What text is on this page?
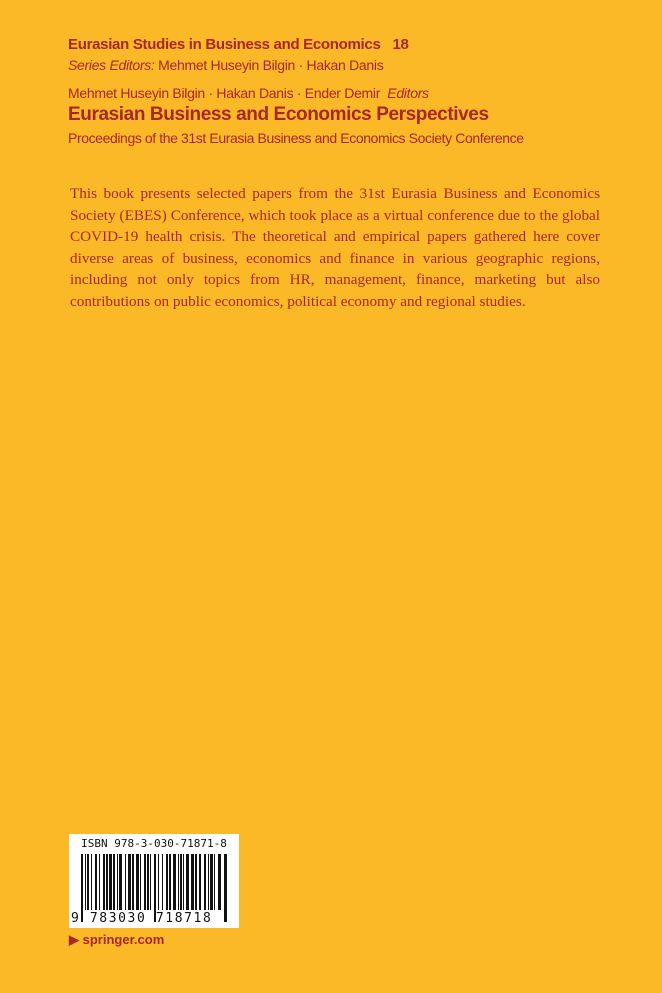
Eurasian Studies in Business and Economics 18
Series Editors: Mehmet Huseyin Bilgin · Hakan Danis
Mehmet Huseyin Bilgin · Hakan Danis · Ender Demir Editors
Eurasian Business and Economics Perspectives
Proceedings of the 31st Eurasia Business and Economics Society Conference
This book presents selected papers from the 31st Eurasia Business and Economics Society (EBES) Conference, which took place as a virtual conference due to the global COVID-19 health crisis. The theoretical and empirical papers gathered here cover diverse areas of business, economics and finance in various geographic regions, including not only topics from HR, management, finance, marketing but also contributions on public economics, political economy and regional studies.
ISBN 978-3-030-71871-8
9 783030 718718
▶ springer.com
